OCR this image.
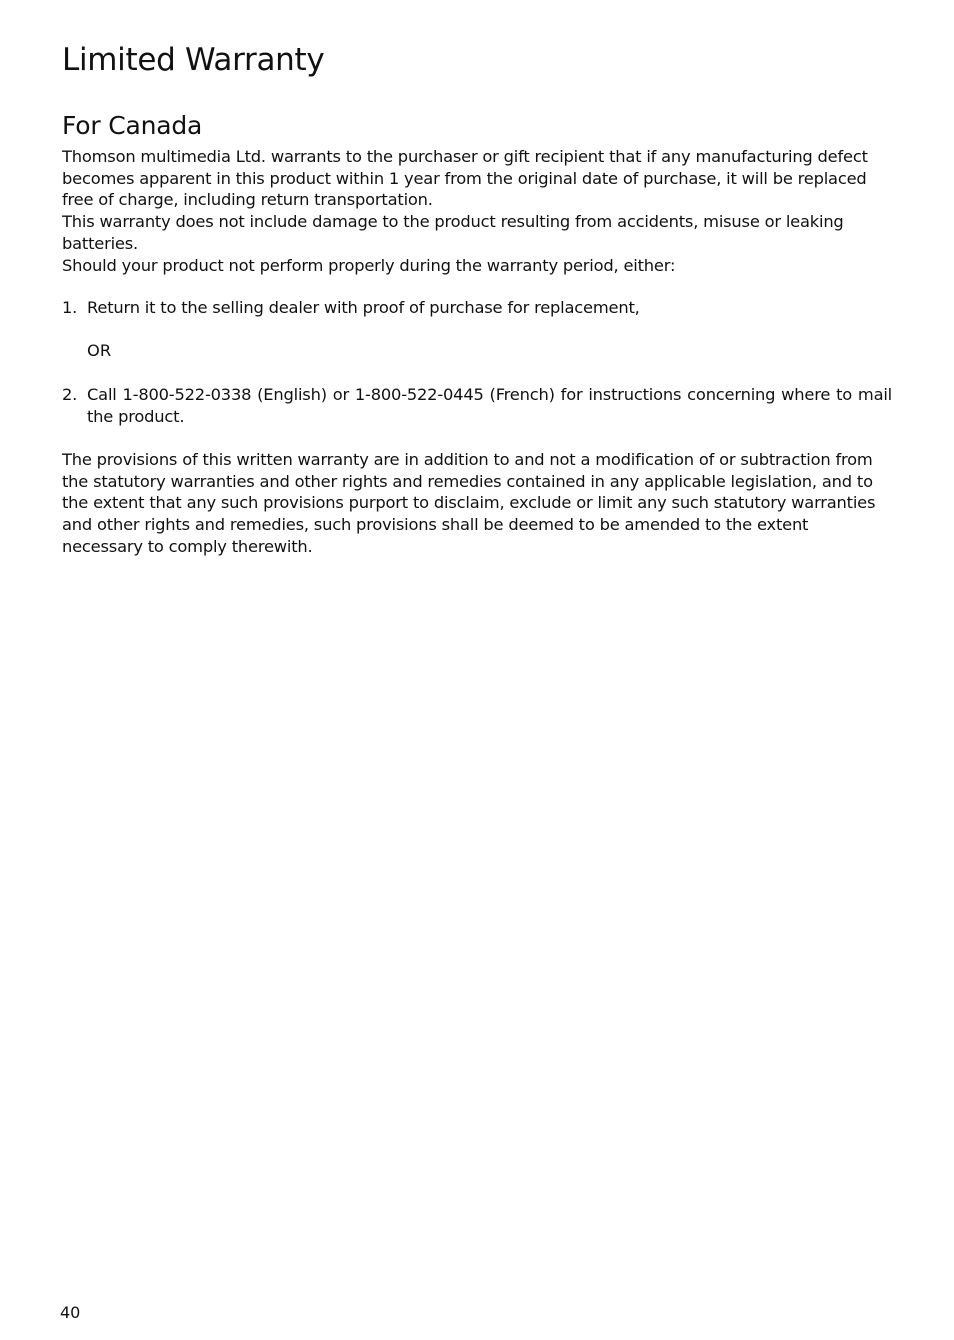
Limited Warranty
For Canada

Thomson multimedia Ltd. warrants to the purchaser or gift recipient that if any manufacturing defect becomes apparent in this product within 1 year from the original date of purchase, it will be replaced free of charge, including return transportation.

This warranty does not include damage to the product resulting from accidents, misuse or leaking batteries.

Should your product not perform properly during the warranty period, either:

1. Return it to the selling dealer with proof of purchase for replacement,
OR
2. Call 1-800-522-0338 (English) or 1-800-522-0445 (French) for instructions concerning where to mail the product.

The provisions of this written warranty are in addition to and not a modification of or subtraction from the statutory warranties and other rights and remedies contained in any applicable legislation, and to the extent that any such provisions purport to disclaim, exclude or limit any such statutory warranties and other rights and remedies, such provisions shall be deemed to be amended to the extent necessary to comply therewith.

40
